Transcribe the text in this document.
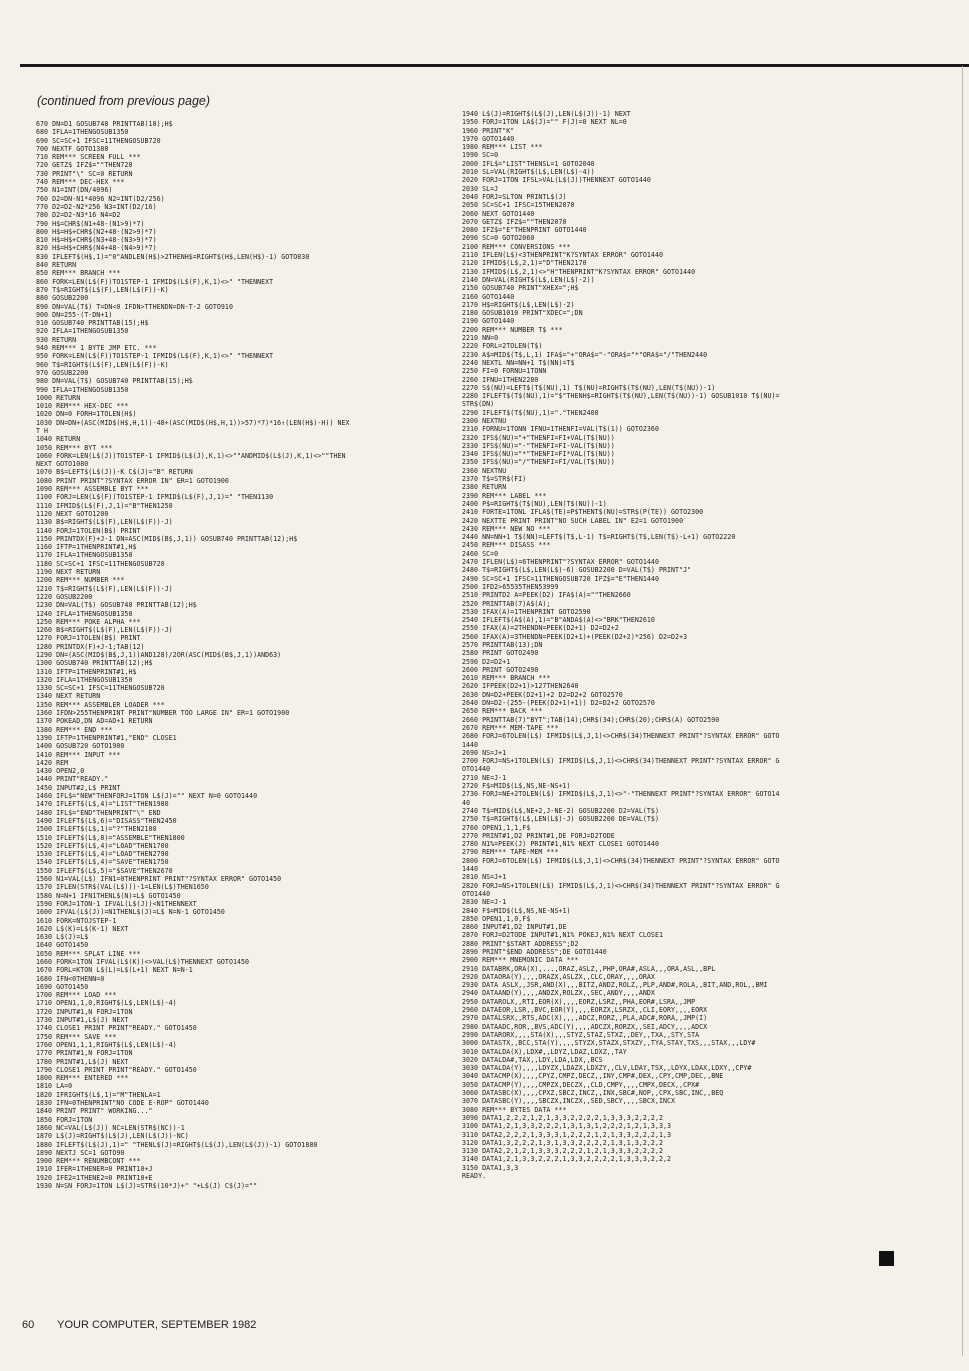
(continued from previous page)
670 DN=D1 GOSUB740 PRINTTAB(18);H$
680 IFLA=1THENGOSUB1350
690 SC=SC+1 IFSC=11THENGOSUB720
700 NEXTF GOTO1380
710 REM*** SCREEN FULL ***
720 GETZ$ IFZ$=""THEN720
730 PRINT"\" SC=0 RETURN
740 REM*** DEC-HEX ***
750 N1=INT(DN/4096)
760 D2=DN-N1*4096 N2=INT(D2/256)
770 D2=D2-N2*256 N3=INT(D2/16)
780 D2=D2-N3*16 N4=D2
790 H$=CHR$(N1+48-(N1>9)*7)
800 H$=H$+CHR$(N2+48-(N2>9)*7)
810 H$=H$+CHR$(N3+48-(N3>9)*7)
820 H$=H$+CHR$(N4+48-(N4>9)*7)
830 IFLEFT$(H$,1)="0"ANDLEN(H$)>2THENH$=RIGHT$(H$,LEN(H$)-1) GOTO830
840 RETURN
850 REM*** BRANCH ***
860 FORK=LEN(L$(F))TO1STEP-1 IFMID$(L$(F),K,1)<>" "THENNEXT
870 T$=RIGHT$(L$(F),LEN(L$(F))-K)
880 GOSUB2200
890 DN=VAL(T$) T=DN<0 IFDN>TTHENDN=DN-T-2 GOTO910
900 DN=255-(T-DN+1)
910 GOSUB740 PRINTTAB(15);H$
920 IFLA=1THENGOSUB1350
930 RETURN
940 REM*** 1 BYTE JMP ETC. ***
950 FORK=LEN(L$(F))TO1STEP-1 IFMID$(L$(F),K,1)<>" "THENNEXT
960 T$=RIGHT$(L$(F),LEN(L$(F))-K)
970 GOSUB2200
980 DN=VAL(T$) GOSUB740 PRINTTAB(15);H$
990 IFLA=1THENGOSUB1350
1000 RETURN
1010 REM*** HEX-DEC ***
1020 DN=0 FORH=1TOLEN(H$)
1030 DN=DN+(ASC(MID$(H$,H,1))-48+(ASC(MID$(H$,H,1))>57)*7)*16↑(LEN(H$)-H)) NEX
T H
1040 RETURN
1050 REM*** BYT ***
1060 FORK=LEN(L$(J))TO1STEP-1 IFMID$(L$(J),K,1)<>""ANDMID$(L$(J),K,1)<>""THEN
NEXT GOTO1080
1070 B$=LEFT$(L$(J))-K C$(J)="B" RETURN
1080 PRINT PRINT"?SYNTAX ERROR IN" ER=1 GOTO1900
1090 REM*** ASSEMBLE BYT ***
1100 FORJ=LEN(L$(F))TO1STEP-1 IFMID$(L$(F),J,1)=" "THEN1130
1110 IFMID$(L$(F),J,1)="B"THEN1250
1120 NEXT GOTO1200
1130 B$=RIGHT$(L$(F),LEN(L$(F))-J)
1140 FORJ=1TOLEN(B$) PRINT
1150 PRINTDX(F)+J-1 DN=ASC(MID$(B$,J,1)) GOSUB740 PRINTTAB(12);H$
1160 IFTP=1THENPRINT#1,H$
1170 IFLA=1THENGOSUB1350
1180 SC=SC+1 IFSC=11THENGOSUB720
1190 NEXT RETURN
1200 REM*** NUMBER ***
1210 T$=RIGHT$(L$(F),LEN(L$(F))-J)
1220 GOSUB2200
1230 DN=VAL(T$) GOSUB740 PRINTTAB(12);H$
1240 IFLA=1THENGOSUB1350
1250 REM*** POKE ALPHA ***
1260 B$=RIGHT$(L$(F),LEN(L$(F))-J)
1270 FORJ=1TOLEN(B$) PRINT
1280 PRINTDX(F)+J-1;TAB(12)
1290 DN=(ASC(MID$(B$,J,1))AND128)/2OR(ASC(MID$(B$,J,1))AND63)
1300 GOSUB740 PRINTTAB(12);H$
1310 IFTP=1THENPRINT#1,H$
1320 IFLA=1THENGOSUB1350
1330 SC=SC+1 IFSC=11THENGOSUB720
1340 NEXT RETURN
1350 REM*** ASSEMBLER LOADER ***
1360 IFDN>255THENPRINT PRINT"NUMBER TOO LARGE IN" ER=1 GOTO1900
1370 POKEAD,DN AD=AD+1 RETURN
1380 REM*** END ***
1390 IFTP=1THENPRINT#1,"END" CLOSE1
1400 GOSUB720 GOTO1900
1410 REM*** INPUT ***
1420 REM
1430 OPEN2,0
1440 PRINT"READY."
1450 INPUT#2,L$ PRINT
1460 IFL$="NEW"THENFORJ=1TON L$(J)="" NEXT N=0 GOTO1440
1470 IFLEFT$(L$,4)="LIST"THEN1980
1480 IFL$="END"THENPRINT"\" END
1490 IFLEFT$(L$,6)="DISASS"THEN2450
1500 IFLEFT$(L$,1)="?"THEN2100
1510 IFLEFT$(L$,8)="ASSEMBLE"THEN1800
1520 IFLEFT$(L$,4)="LOAD"THEN1700
1530 IFLEFT$(L$,4)="LOAD"THEN2790
1540 IFLEFT$(L$,4)="SAVE"THEN1750
1550 IFLEFT$(L$,5)="$SAVE"THEN2670
1560 N1=VAL(L$) IFN1=0THENPRINT PRINT"?SYNTAX ERROR" GOTO1450
1570 IFLEN(STR$(VAL(L$)))-1=LEN(L$)THEN1650
1580 N=N+1 IFN1THENL$(N)=L$ GOTO1450
1590 FORJ=1TON-1 IFVAL(L$(J))<N1THENNEXT
1600 IFVAL(L$(J))=N1THENL$(J)=L$ N=N-1 GOTO1450
1610 FORK=NTOJSTEP-1
1620 L$(K)=L$(K-1) NEXT
1630 L$(J)=L$
1640 GOTO1450
1650 REM*** SPLAT LINE ***
1660 FORK=1TON IFVAL(L$(K))<>VAL(L$)THENNEXT GOTO1450
1670 FORL=KTON L$(L)=L$(L+1) NEXT N=N-1
1680 IFN<0THENN=0
1690 GOTO1450
1700 REM*** LOAD ***
1710 OPEN1,1,0,RIGHT$(L$,LEN(L$)-4)
1720 INPUT#1,N FORJ=1TON
1730 INPUT#1,L$(J) NEXT
1740 CLOSE1 PRINT PRINT"READY." GOTO1450
1750 REM*** SAVE ***
1760 OPEN1,1,1,RIGHT$(L$,LEN(L$)-4)
1770 PRINT#1,N FORJ=1TON
1780 PRINT#1,L$(J) NEXT
1790 CLOSE1 PRINT PRINT"READY." GOTO1450
1800 REM*** ENTERED ***
1810 LA=0
1820 IFRIGHT$(L$,1)="M"THENLA=1
1830 IFN=0THENPRINT"NO CODE E-ROP" GOTO1440
1840 PRINT PRINT" WORKING..."
1850 FORJ=1TON
1860 NC=VAL(L$(J)) NC=LEN(STR$(NC))-1
1870 L$(J)=RIGHT$(L$(J),LEN(L$(J))-NC)
1880 IFLEFT$(L$(J),1)=" "THENL$(J)=RIGHT$(L$(J),LEN(L$(J))-1) GOTO1880
1890 NEXTJ SC=1 GOTO90
1900 REM*** RENUMBCONT ***
1910 IFER=1THENER=0 PRINT10+J
1920 IFE2=1THENE2=0 PRINT10+E
1930 N=SN FORJ=1TON L$(J)=STR$(10*J)+" "+L$(J) C$(J)=""
1940 L$(J)=RIGHT$(L$(J),LEN(L$(J))-1) NEXT
1950 FORJ=1TON LA$(J)="" F(J)=0 NEXT NL=0
1960 PRINT"K"
1970 GOTO1440
1980 REM*** LIST ***
1990 SC=0
2000 IFL$="LIST"THENSL=1 GOTO2040
2010 SL=VAL(RIGHT$(L$,LEN(L$)-4))
2020 FORJ=1TON IFSL>VAL(L$(J))THENNEXT GOTO1440
2030 SL=J
2040 FORJ=SLTON PRINTL$(J)
2050 SC=SC+1 IFSC=15THEN2070
2060 NEXT GOTO1440
2070 GETZ$ IFZ$=""THEN2070
2080 IFZ$="E"THENPRINT GOTO1440
2090 SC=0 GOTO2060
2100 REM*** CONVERSIONS ***
2110 IFLEN(L$)<3THENPRINT"K?SYNTAX ERROR" GOTO1440
2120 IFMID$(L$,2,1)="D"THEN2170
2130 IFMID$(L$,2,1)<>"H"THENPRINT"K?SYNTAX ERROR" GOTO1440
2140 DN=VAL(RIGHT$(L$,LEN(L$)-2))
2150 GOSUB740 PRINT"XHEX=";H$
2160 GOTO1440
2170 H$=RIGHT$(L$,LEN(L$)-2)
2180 GOSUB1010 PRINT"XDEC=";DN
2190 GOTO1440
2200 REM*** NUMBER T$ ***
2210 NN=0
2220 FORL=2TOLEN(T$)
2230 A$=MID$(T$,L,1) IFA$="+"ORA$="-"ORA$="*"ORA$="/"THEN2440
2240 NEXTL NN=NN+1 T$(NN)=T$
2250 FI=0 FORNU=1TONN
2260 IFNU=1THEN2280
2270 S$(NU)=LEFT$(T$(NU),1) T$(NU)=RIGHT$(T$(NU),LEN(T$(NU))-1)
2280 IFLEFT$(T$(NU),1)="$"THENH$=RIGHT$(T$(NU),LEN(T$(NU))-1) GOSUB1010 T$(NU)=
STR$(DN)
2290 IFLEFT$(T$(NU),1)="."THEN2400
2300 NEXTNU
2310 FORNU=1TONN IFNU=1THENFI=VAL(T$(1)) GOTO2360
2320 IFS$(NU)="+"THENFI=FI+VAL(T$(NU))
2330 IFS$(NU)="-"THENFI=FI-VAL(T$(NU))
2340 IFS$(NU)="*"THENFI=FI*VAL(T$(NU))
2350 IFS$(NU)="/"THENFI=FI/VAL(T$(NU))
2360 NEXTNU
2370 T$=STR$(FI)
2380 RETURN
2390 REM*** LABEL ***
2400 P$=RIGHT$(T$(NU),LEN(T$(NU))-1)
2410 FORTE=1TONL IFLA$(TE)=P$THENT$(NU)=STR$(P(TE)) GOTO2300
2420 NEXTTE PRINT PRINT"NO SUCH LABEL IN" E2=1 GOTO1900
2430 REM*** NEW NO ***
2440 NN=NN+1 T$(NN)=LEFT$(T$,L-1) T$=RIGHT$(T$,LEN(T$)-L+1) GOTO2220
2450 REM*** DISASS ***
2460 SC=0
2470 IFLEN(L$)=6THENPRINT"?SYNTAX ERROR" GOTO1440
2480 T$=RIGHT$(L$,LEN(L$)-6) GOSUB2200 D=VAL(T$) PRINT"J"
2490 SC=SC+1 IFSC=11THENGOSUB720 IFZ$="E"THEN1440
2500 IFD2>65535THEN53999
2510 PRINTD2 A=PEEK(D2) IFA$(A)=""THEN2660
2520 PRINTTAB(7)A$(A);
2530 IFAX(A)=1THENPRINT GOTO2590
2540 IFLEFT$(A$(A),1)="B"ANDA$(A)<>"BRK"THEN2610
2550 IFAX(A)=2THENDN=PEEK(D2+1) D2=D2+2
2560 IFAX(A)=3THENDN=PEEK(D2+1)+(PEEK(D2+2)*256) D2=D2+3
2570 PRINTTAB(13);DN
2580 PRINT GOTO2490
2590 D2=D2+1
2600 PRINT GOTO2490
2610 REM*** BRANCH ***
2620 IFPEEK(D2+1)>127THEN2640
2630 DN=D2+PEEK(D2+1)+2 D2=D2+2 GOTO2570
2640 DN=D2-(255-(PEEK(D2+1)+1)) D2=D2+2 GOTO2570
2650 REM*** BACK ***
2660 PRINTTAB(7)"BYT";TAB(14);CHR$(34);CHR$(20);CHR$(A) GOTO2590
2670 REM*** MEM-TAPE ***
2680 FORJ=6TOLEN(L$) IFMID$(L$,J,1)<>CHR$(34)THENNEXT PRINT"?SYNTAX ERROR" GOTO
1440
2690 NS=J+1
2700 FORJ=NS+1TOLEN(L$) IFMID$(L$,J,1)<>CHR$(34)THENNEXT PRINT"?SYNTAX ERROR" G
OTO1440
2710 NE=J-1
2720 F$=MID$(L$,NS,NE-NS+1)
2730 FORJ=NE+2TOLEN(L$) IFMID$(L$,J,1)<>"-"THENNEXT PRINT"?SYNTAX ERROR" GOTO14
40
2740 T$=MID$(L$,NE+2,J-NE-2) GOSUB2200 D2=VAL(T$)
2750 T$=RIGHT$(L$,LEN(L$)-J) GOSUB2200 DE=VAL(T$)
2760 OPEN1,1,1,F$
2770 PRINT#1,D2 PRINT#1,DE FORJ=D2TODE
2780 N1%=PEEK(J) PRINT#1,N1% NEXT CLOSE1 GOTO1440
2790 REM*** TAPE-MEM ***
2800 FORJ=6TOLEN(L$) IFMID$(L$,J,1)<>CHR$(34)THENNEXT PRINT"?SYNTAX ERROR" GOTO
1440
2810 NS=J+1
2820 FORJ=NS+1TOLEN(L$) IFMID$(L$,J,1)<>CHR$(34)THENNEXT PRINT"?SYNTAX ERROR" G
OTO1440
2830 NE=J-1
2840 F$=MID$(L$,NS,NE-NS+1)
2850 OPEN1,1,0,F$
2860 INPUT#1,D2 INPUT#1,DE
2870 FORJ=D2TODE INPUT#1,N1% POKEJ,N1% NEXT CLOSE1
2880 PRINT"$START ADDRESS";D2
2890 PRINT"$END ADDRESS";DE GOTO1440
2900 REM*** MNEMONIC DATA ***
2910 DATABRK,ORA(X),...,ORAZ,ASLZ,,PHP,ORA#,ASLA,,,ORA,ASL,,BPL
2920 DATAORA(Y),,,,ORAZX,ASLZX,,CLC,ORAY,,,,ORAX
2930 DATA ASLX,,JSR,AND(X),,,BITZ,ANDZ,ROLZ,,PLP,AND#,ROLA,,BIT,AND,ROL,,BMI
2940 DATAAND(Y),,,,ANDZX,ROLZX,,SEC,ANDY,,,,ANDX
2950 DATAROLX,,RTI,EOR(X),,,,EORZ,LSRZ,,PHA,EOR#,LSRA,,JMP
2960 DATAEOR,LSR,,BVC,EOR(Y),,,,EORZX,LSRZX,,CLI,EORY,,,,EORX
2970 DATALSRX,,RTS,ADC(X),,,,ADCZ,RORZ,,PLA,ADC#,RORA,,JMP(I)
2980 DATAADC,ROR,,BVS,ADC(Y),,,,ADCZX,RORZX,,SEI,ADCY,,,,ADCX
2990 DATARORX,,,,STA(X),,,STYZ,STAZ,STXZ,,DEY,,TXA,,STY,STA
3000 DATASTX,,BCC,STA(Y),,,,STYZX,STAZX,STXZY,,TYA,STAY,TXS,,,STAX,,,LDY#
3010 DATALDA(X),LDX#,,LDYZ,LDAZ,LDXZ,,TAY
3020 DATALDA#,TAX,,LDY,LDA,LDX,,BCS
3030 DATALDA(Y),,,,LDYZX,LDAZX,LDXZY,,CLV,LDAY,TSX,,LDYX,LDAX,LDXY,,CPY#
3040 DATACMP(X),,,,CPYZ,CMPZ,DECZ,,INY,CMP#,DEX,,CPY,CMP,DEC,,BNE
3050 DATACMP(Y),,,,CMPZX,DECZX,,CLD,CMPY,,,,CMPX,DECX,,CPX#
3060 DATASBC(X),,,,CPXZ,SBCZ,INCZ,,INX,SBC#,NOP,,CPX,SBC,INC,,BEQ
3070 DATASBC(Y),,,,SBCZX,INCZX,,SED,SBCY,,,,SBCX,INCX
3080 REM*** BYTES DATA ***
3090 DATA1,2,2,2,1,2,1,3,3,2,2,2,2,1,3,3,3,2,2,2,2
3100 DATA1,2,1,3,3,2,2,2,1,3,1,3,1,2,2,2,1,2,1,3,3,3
3110 DATA2,2,2,2,1,3,3,3,1,2,2,2,1,2,1,3,3,2,2,2,1,3
3120 DATA1,3,2,2,2,1,3,1,3,3,2,2,2,2,1,3,1,3,2,2,2
3130 DATA2,2,1,2,1,3,3,3,2,2,2,1,2,1,3,3,3,2,2,2,2
3140 DATA1,2,1,3,3,2,2,2,1,3,3,2,2,2,2,1,3,3,3,2,2,2
3150 DATA1,3,3
READY.
60 YOUR COMPUTER, SEPTEMBER 1982
